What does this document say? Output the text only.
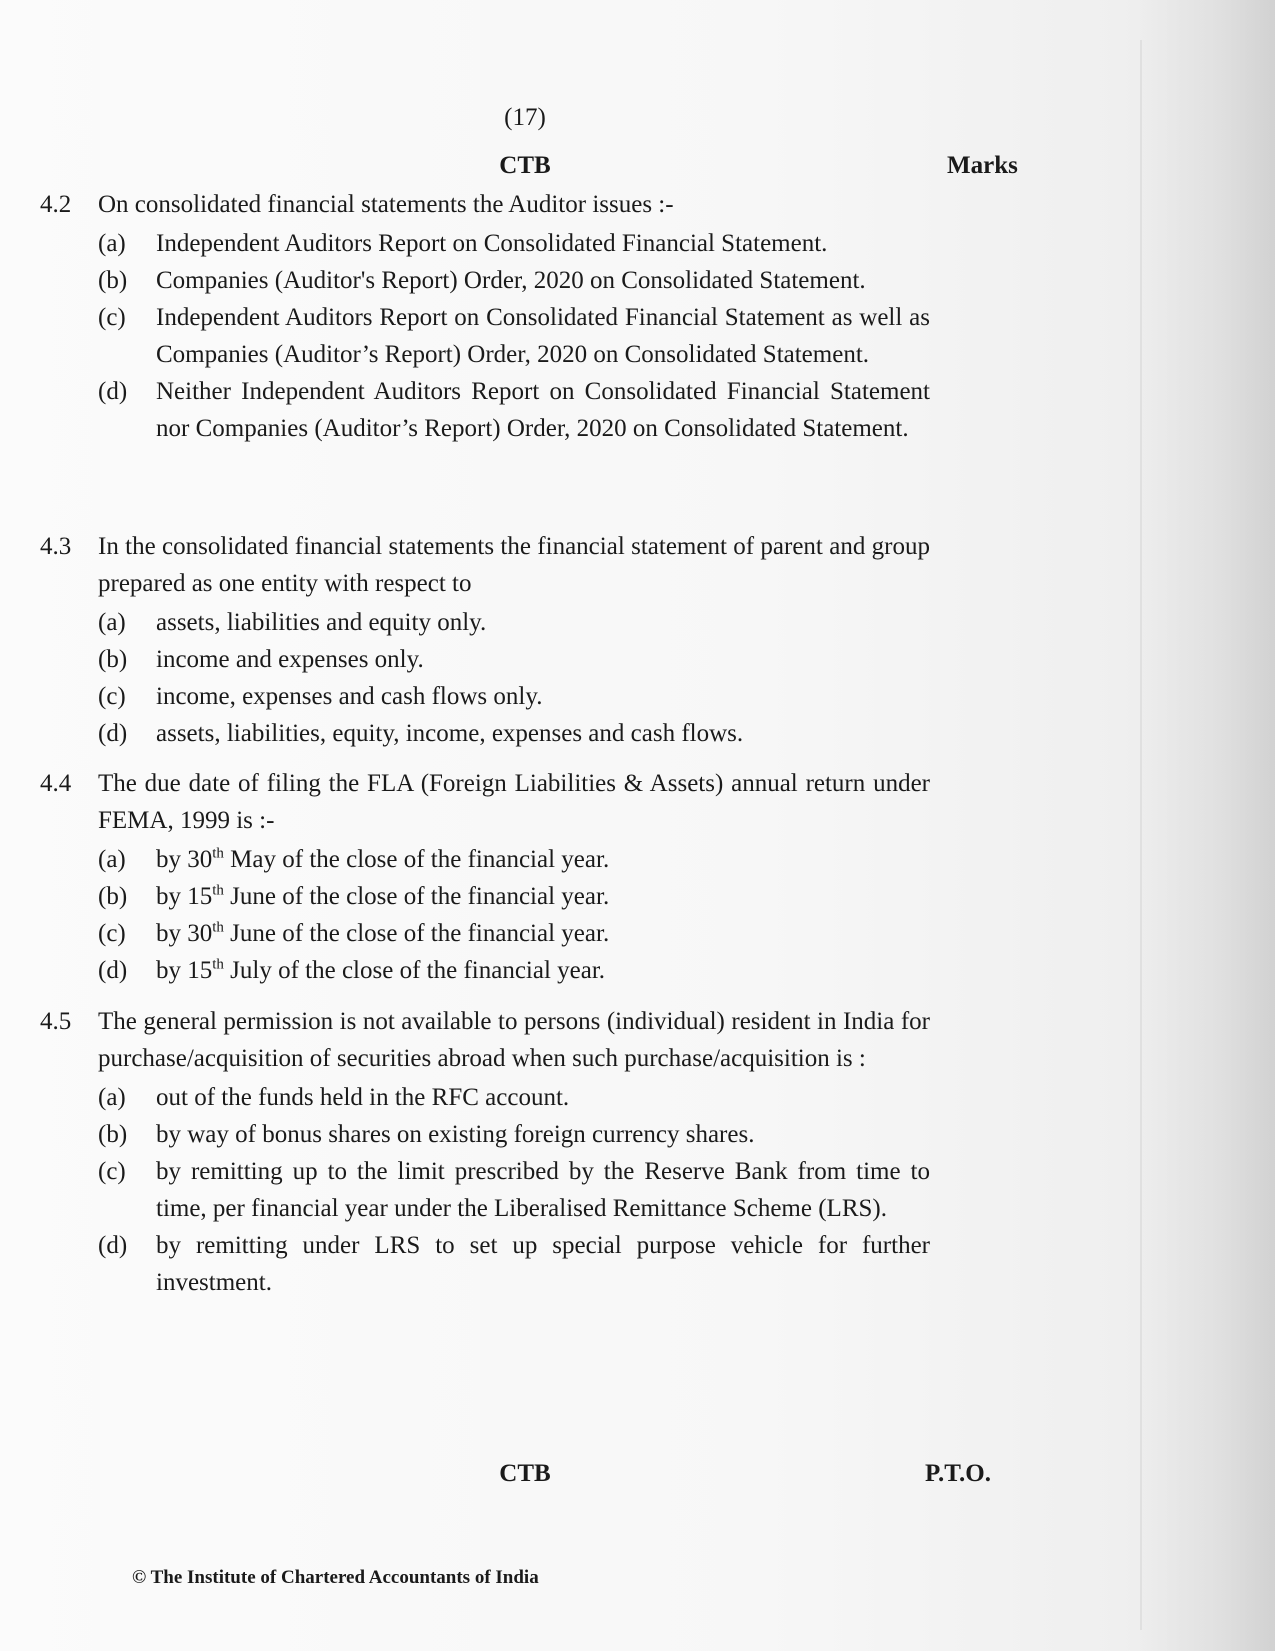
(17)
CTB	Marks
4.2	On consolidated financial statements the Auditor issues :-
(a) Independent Auditors Report on Consolidated Financial Statement.
(b) Companies (Auditor's Report) Order, 2020 on Consolidated Statement.
(c) Independent Auditors Report on Consolidated Financial Statement as well as Companies (Auditor’s Report) Order, 2020 on Consolidated Statement.
(d) Neither Independent Auditors Report on Consolidated Financial Statement nor Companies (Auditor’s Report) Order, 2020 on Consolidated Statement.
4.3	In the consolidated financial statements the financial statement of parent and group prepared as one entity with respect to
(a) assets, liabilities and equity only.
(b) income and expenses only.
(c) income, expenses and cash flows only.
(d) assets, liabilities, equity, income, expenses and cash flows.
4.4	The due date of filing the FLA (Foreign Liabilities & Assets) annual return under FEMA, 1999 is :-
(a) by 30th May of the close of the financial year.
(b) by 15th June of the close of the financial year.
(c) by 30th June of the close of the financial year.
(d) by 15th July of the close of the financial year.
4.5	The general permission is not available to persons (individual) resident in India for purchase/acquisition of securities abroad when such purchase/acquisition is :
(a) out of the funds held in the RFC account.
(b) by way of bonus shares on existing foreign currency shares.
(c) by remitting up to the limit prescribed by the Reserve Bank from time to time, per financial year under the Liberalised Remittance Scheme (LRS).
(d) by remitting under LRS to set up special purpose vehicle for further investment.
CTB	P.T.O.
© The Institute of Chartered Accountants of India
